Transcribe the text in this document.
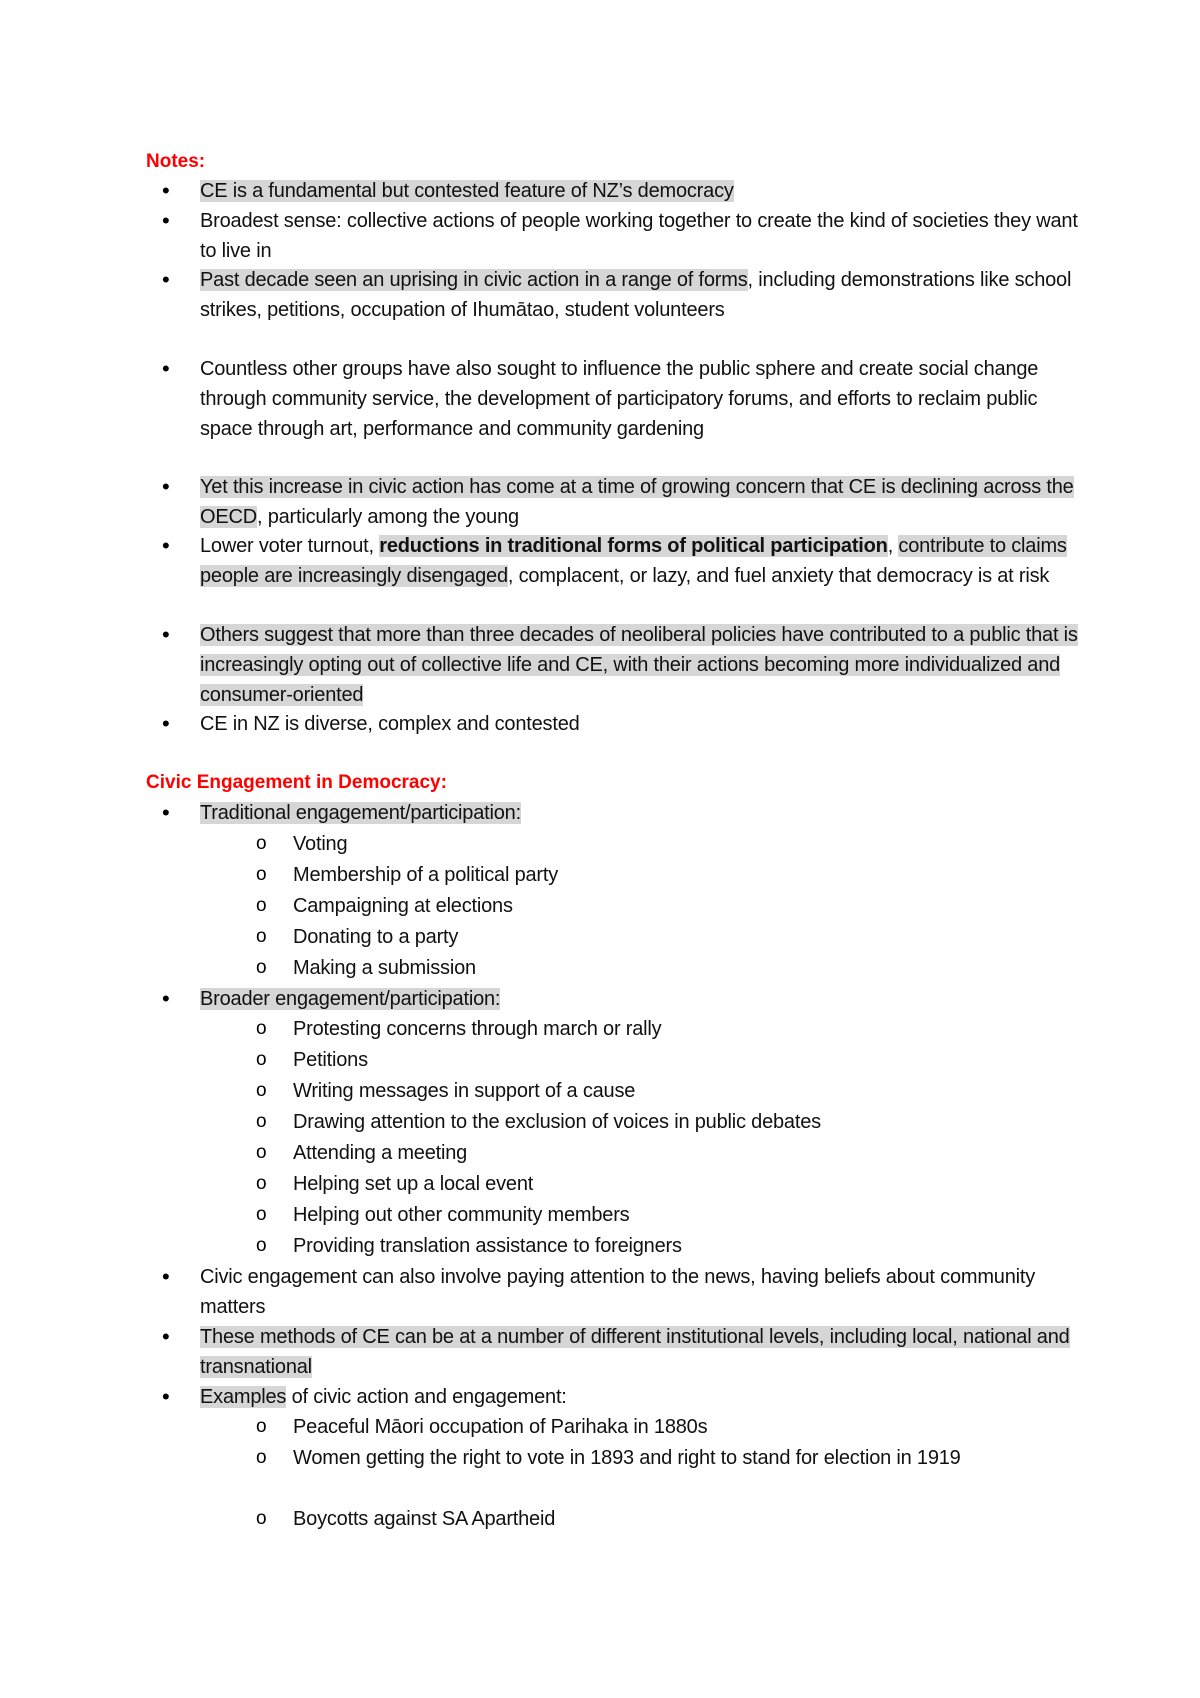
Notes:
• CE is a fundamental but contested feature of NZ’s democracy
• Broadest sense: collective actions of people working together to create the kind of societies they want to live in
• Past decade seen an uprising in civic action in a range of forms, including demonstrations like school strikes, petitions, occupation of Ihumātao, student volunteers
• Countless other groups have also sought to influence the public sphere and create social change through community service, the development of participatory forums, and efforts to reclaim public space through art, performance and community gardening
• Yet this increase in civic action has come at a time of growing concern that CE is declining across the OECD, particularly among the young
• Lower voter turnout, reductions in traditional forms of political participation, contribute to claims people are increasingly disengaged, complacent, or lazy, and fuel anxiety that democracy is at risk
• Others suggest that more than three decades of neoliberal policies have contributed to a public that is increasingly opting out of collective life and CE, with their actions becoming more individualized and consumer-oriented
• CE in NZ is diverse, complex and contested
Civic Engagement in Democracy:
• Traditional engagement/participation:
o Voting
o Membership of a political party
o Campaigning at elections
o Donating to a party
o Making a submission
• Broader engagement/participation:
o Protesting concerns through march or rally
o Petitions
o Writing messages in support of a cause
o Drawing attention to the exclusion of voices in public debates
o Attending a meeting
o Helping set up a local event
o Helping out other community members
o Providing translation assistance to foreigners
• Civic engagement can also involve paying attention to the news, having beliefs about community matters
• These methods of CE can be at a number of different institutional levels, including local, national and transnational
• Examples of civic action and engagement:
o Peaceful Māori occupation of Parihaka in 1880s
o Women getting the right to vote in 1893 and right to stand for election in 1919
o Boycotts against SA Apartheid
